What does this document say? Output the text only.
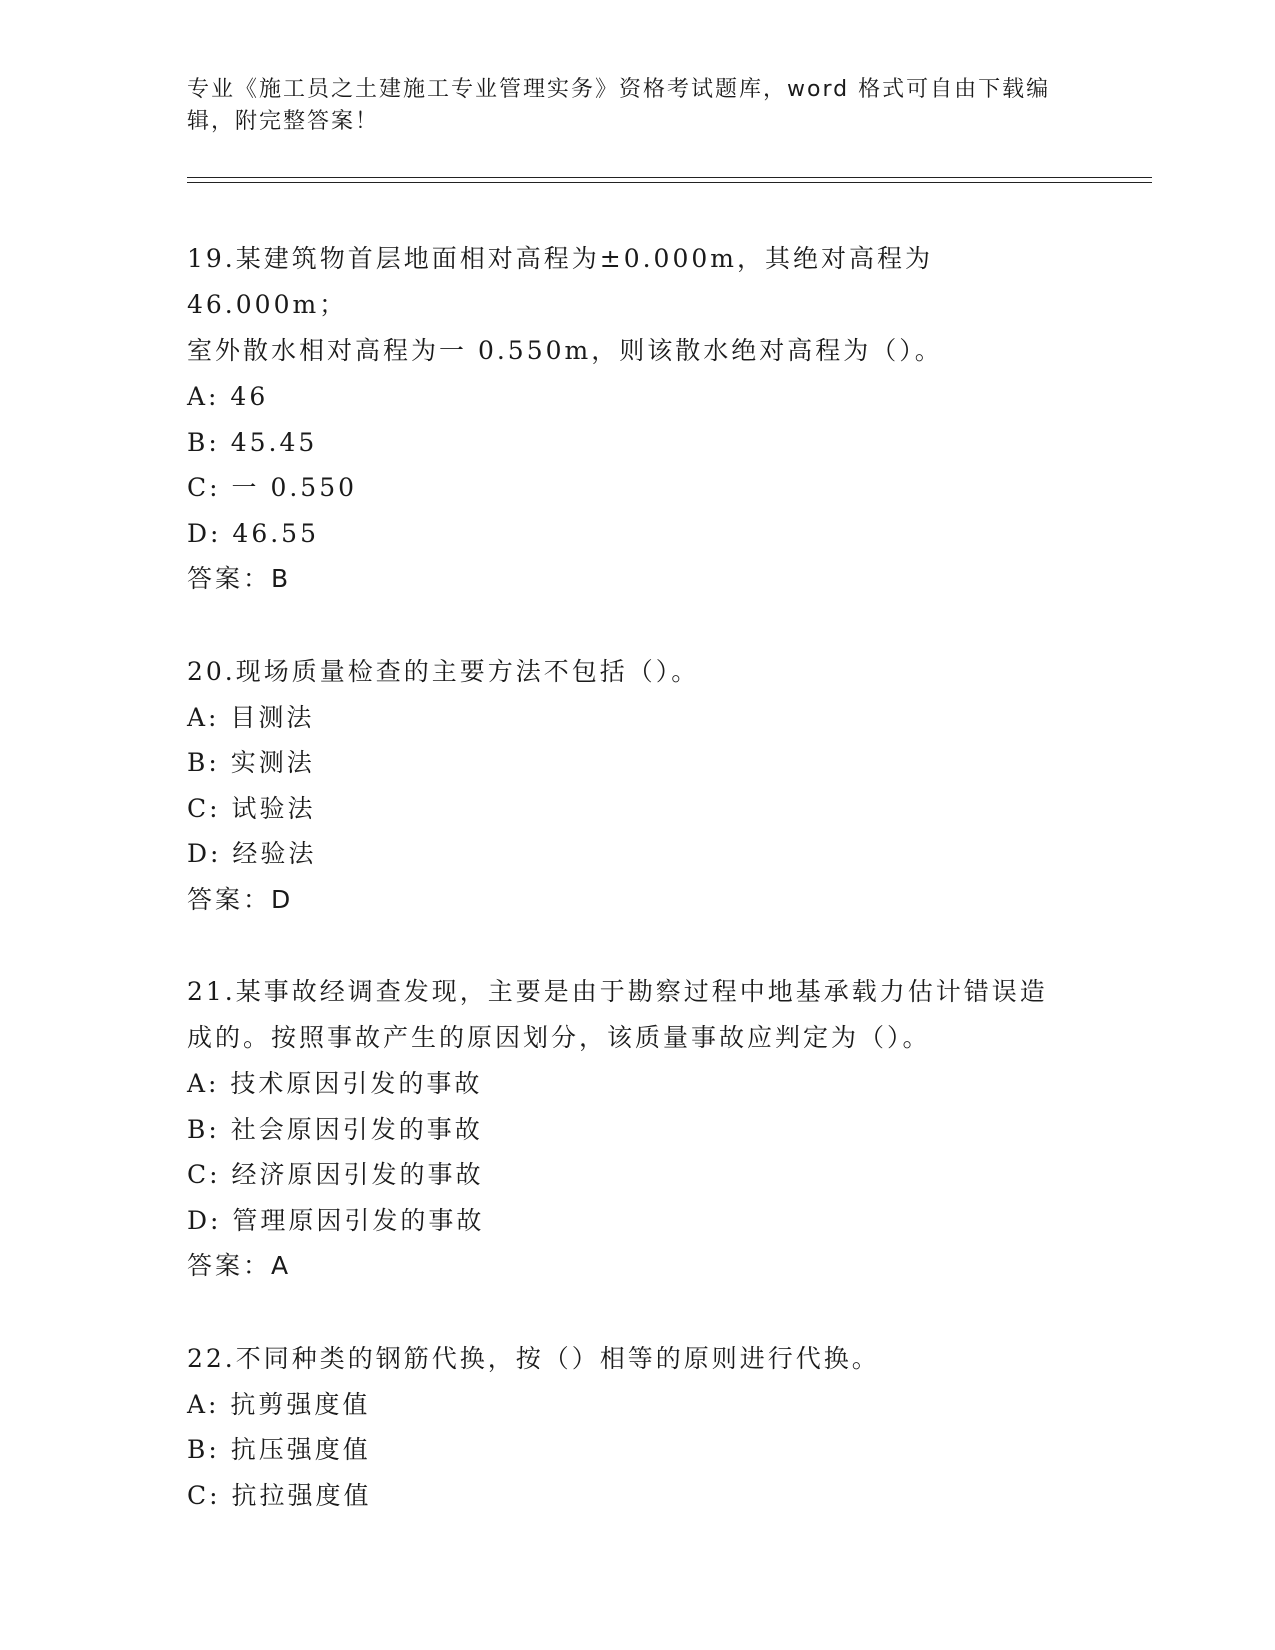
专业《施工员之土建施工专业管理实务》资格考试题库，word 格式可自由下载编
辑，附完整答案！
19.某建筑物首层地面相对高程为±0.000m，其绝对高程为 46.000m；
室外散水相对高程为一 0.550m，则该散水绝对高程为（）。
A: 46
B: 45.45
C: 一 0.550
D: 46.55
答案：B
20.现场质量检查的主要方法不包括（）。
A: 目测法
B: 实测法
C: 试验法
D: 经验法
答案：D
21.某事故经调查发现，主要是由于勘察过程中地基承载力估计错误造
成的。按照事故产生的原因划分，该质量事故应判定为（）。
A: 技术原因引发的事故
B: 社会原因引发的事故
C: 经济原因引发的事故
D: 管理原因引发的事故
答案：A
22.不同种类的钢筋代换，按（）相等的原则进行代换。
A: 抗剪强度值
B: 抗压强度值
C: 抗拉强度值
